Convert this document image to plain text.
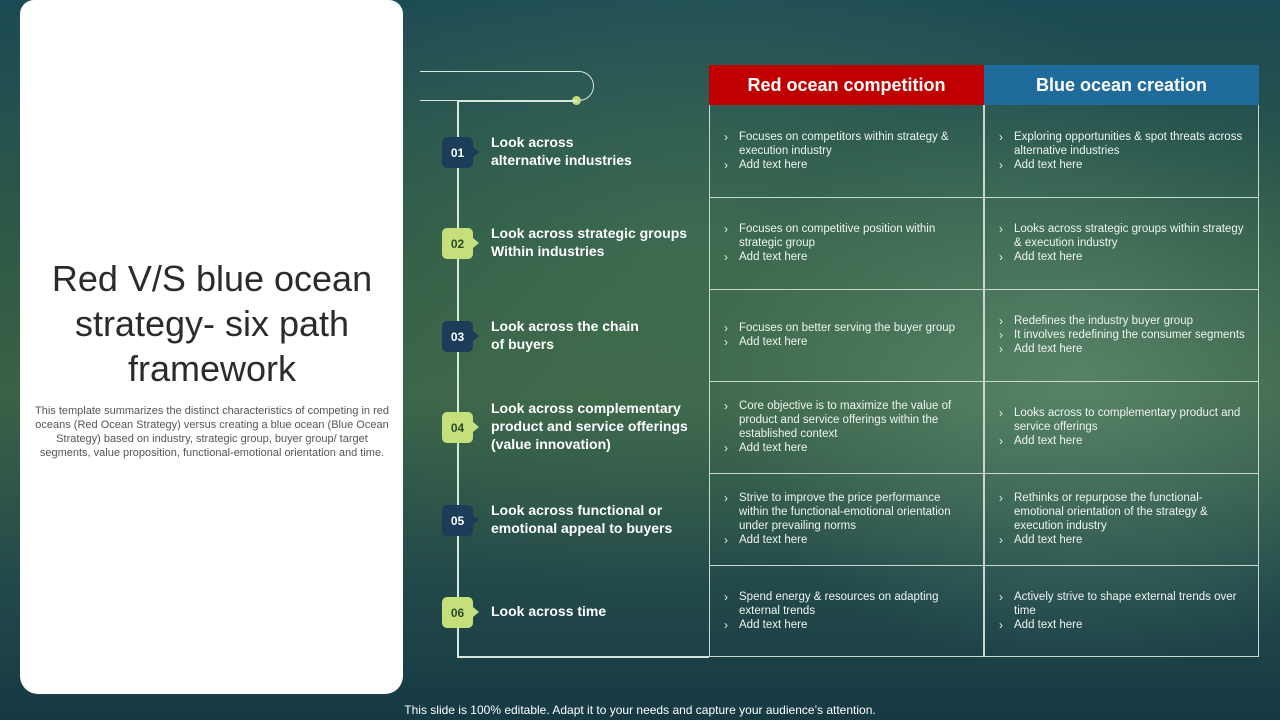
Red V/S blue ocean strategy- six path framework
This template summarizes the distinct characteristics of competing in red oceans (Red Ocean Strategy) versus creating a blue ocean (Blue Ocean Strategy) based on industry, strategic group, buyer group/ target segments, value proposition, functional-emotional orientation and time.
Red ocean competition	Blue ocean creation
01
Look across
alternative industries
› Focuses on competitors within strategy & execution industry
› Add text here
› Exploring opportunities & spot threats across alternative industries
› Add text here
02
Look across strategic groups
Within industries
› Focuses on competitive position within strategic group
› Add text here
› Looks across strategic groups within strategy & execution industry
› Add text here
03
Look across the chain
of buyers
› Focuses on better serving the buyer group
› Add text here
› Redefines the industry buyer group
› It involves redefining the consumer segments
› Add text here
04
Look across complementary
product and service offerings
(value innovation)
› Core objective is to maximize the value of product and service offerings within the established context
› Add text here
› Looks across to complementary product and service offerings
› Add text here
05
Look across functional or
emotional appeal to buyers
› Strive to improve the price performance within the functional-emotional orientation under prevailing norms
› Add text here
› Rethinks or repurpose the functional-emotional orientation of the strategy & execution industry
› Add text here
06	Look across time
› Spend energy & resources on adapting external trends
› Add text here
› Actively strive to shape external trends over time
› Add text here
This slide is 100% editable. Adapt it to your needs and capture your audience’s attention.
